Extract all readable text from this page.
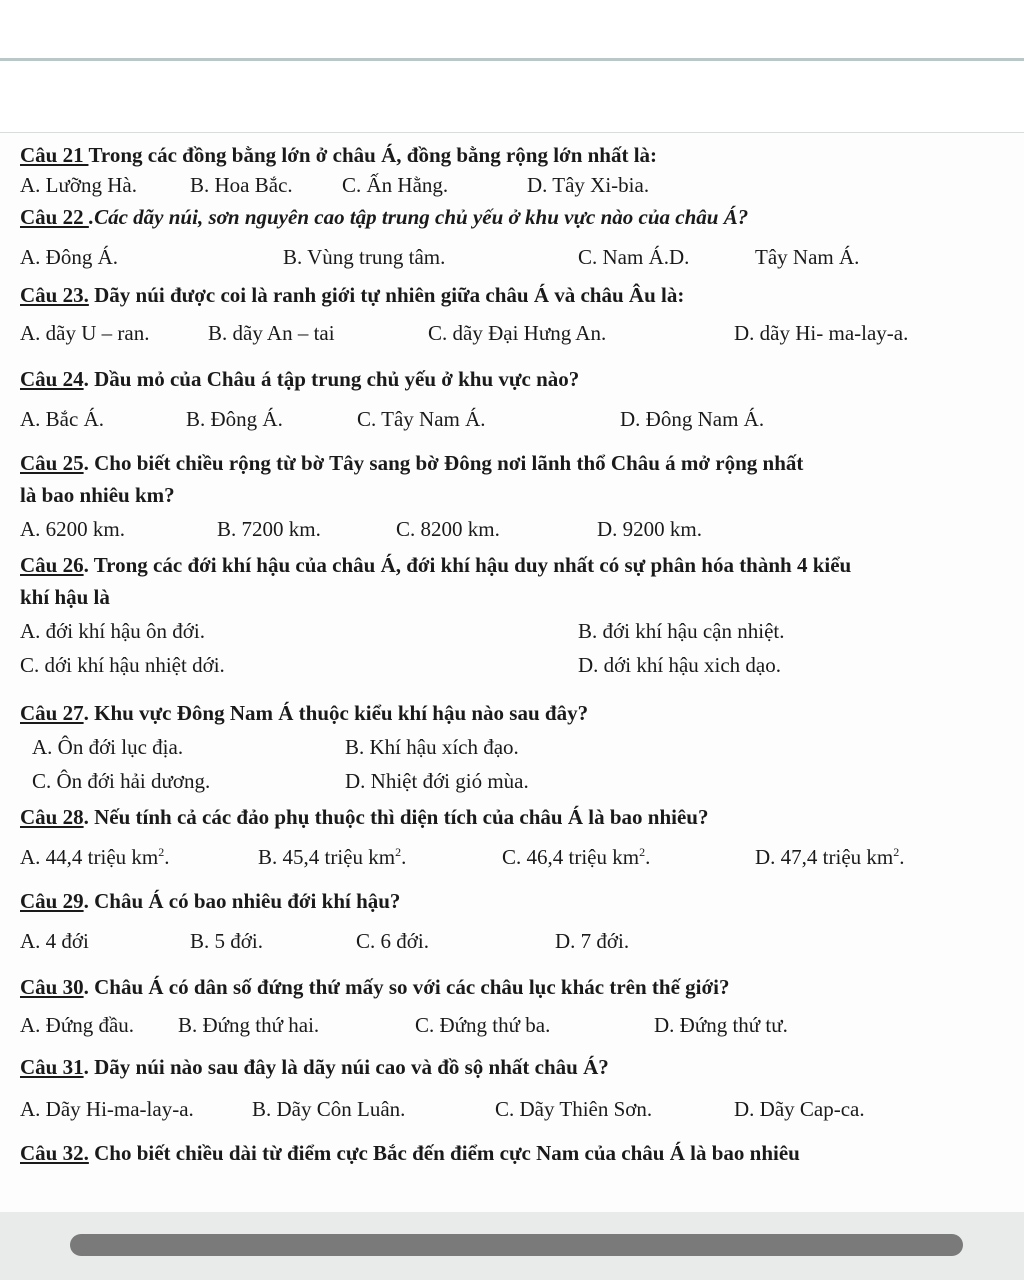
Câu 21 Trong các đồng bằng lớn ở châu Á, đồng bằng rộng lớn nhất là:
A. Lưỡng Hà.	B. Hoa Bắc. C. Ấn Hằng.	D. Tây Xi-bia.
Câu 22 .Các dãy núi, sơn nguyên cao tập trung chủ yếu ở khu vực nào của châu Á?
A. Đông Á.	B. Vùng trung tâm.	C. Nam Á.D.	Tây Nam Á.
Câu 23. Dãy núi được coi là ranh giới tự nhiên giữa châu Á và châu Âu là:
A. dãy U – ran.	B. dãy An – tai	C. dãy Đại Hưng An.	D. dãy Hi- ma-lay-a.
Câu 24. Dầu mỏ của Châu á tập trung chủ yếu ở khu vực nào?
A. Bắc Á.	B. Đông Á.	C. Tây Nam Á.	D. Đông Nam Á.
Câu 25. Cho biết chiều rộng từ bờ Tây sang bờ Đông nơi lãnh thổ Châu á mở rộng nhất
là bao nhiêu km?
A. 6200 km.	B. 7200 km.	C. 8200 km.	D. 9200 km.
Câu 26. Trong các đới khí hậu của châu Á, đới khí hậu duy nhất có sự phân hóa thành 4 kiểu
khí hậu là
A. đới khí hậu ôn đới.	B. đới khí hậu cận nhiệt.
C. dới khí hậu nhiệt dới.	D. dới khí hậu xich dạo.
Câu 27. Khu vực Đông Nam Á thuộc kiểu khí hậu nào sau đây?
A. Ôn đới lục địa.	B. Khí hậu xích đạo.
C. Ôn đới hải dương.	D. Nhiệt đới gió mùa.
Câu 28. Nếu tính cả các đảo phụ thuộc thì diện tích của châu Á là bao nhiêu?
A. 44,4 triệu $km^2$.	B. 45,4 triệu $km^2$.	C. 46,4 triệu $km^2$.	D. 47,4 triệu $km^2$.
Câu 29. Châu Á có bao nhiêu đới khí hậu?
A. 4 đới	B. 5 đới.	C. 6 đới.	D. 7 đới.
Câu 30. Châu Á có dân số đứng thứ mấy so với các châu lục khác trên thế giới?
A. Đứng đầu. B. Đứng thứ hai.	C. Đứng thứ ba.	D. Đứng thứ tư.
Câu 31. Dãy núi nào sau đây là dãy núi cao và đồ sộ nhất châu Á?
A. Dãy Hi-ma-lay-a.	B. Dãy Côn Luân.	C. Dãy Thiên Sơn.	D. Dãy Cap-ca.
Câu 32. Cho biết chiều dài từ điểm cực Bắc đến điểm cực Nam của châu Á là bao nhiêu
